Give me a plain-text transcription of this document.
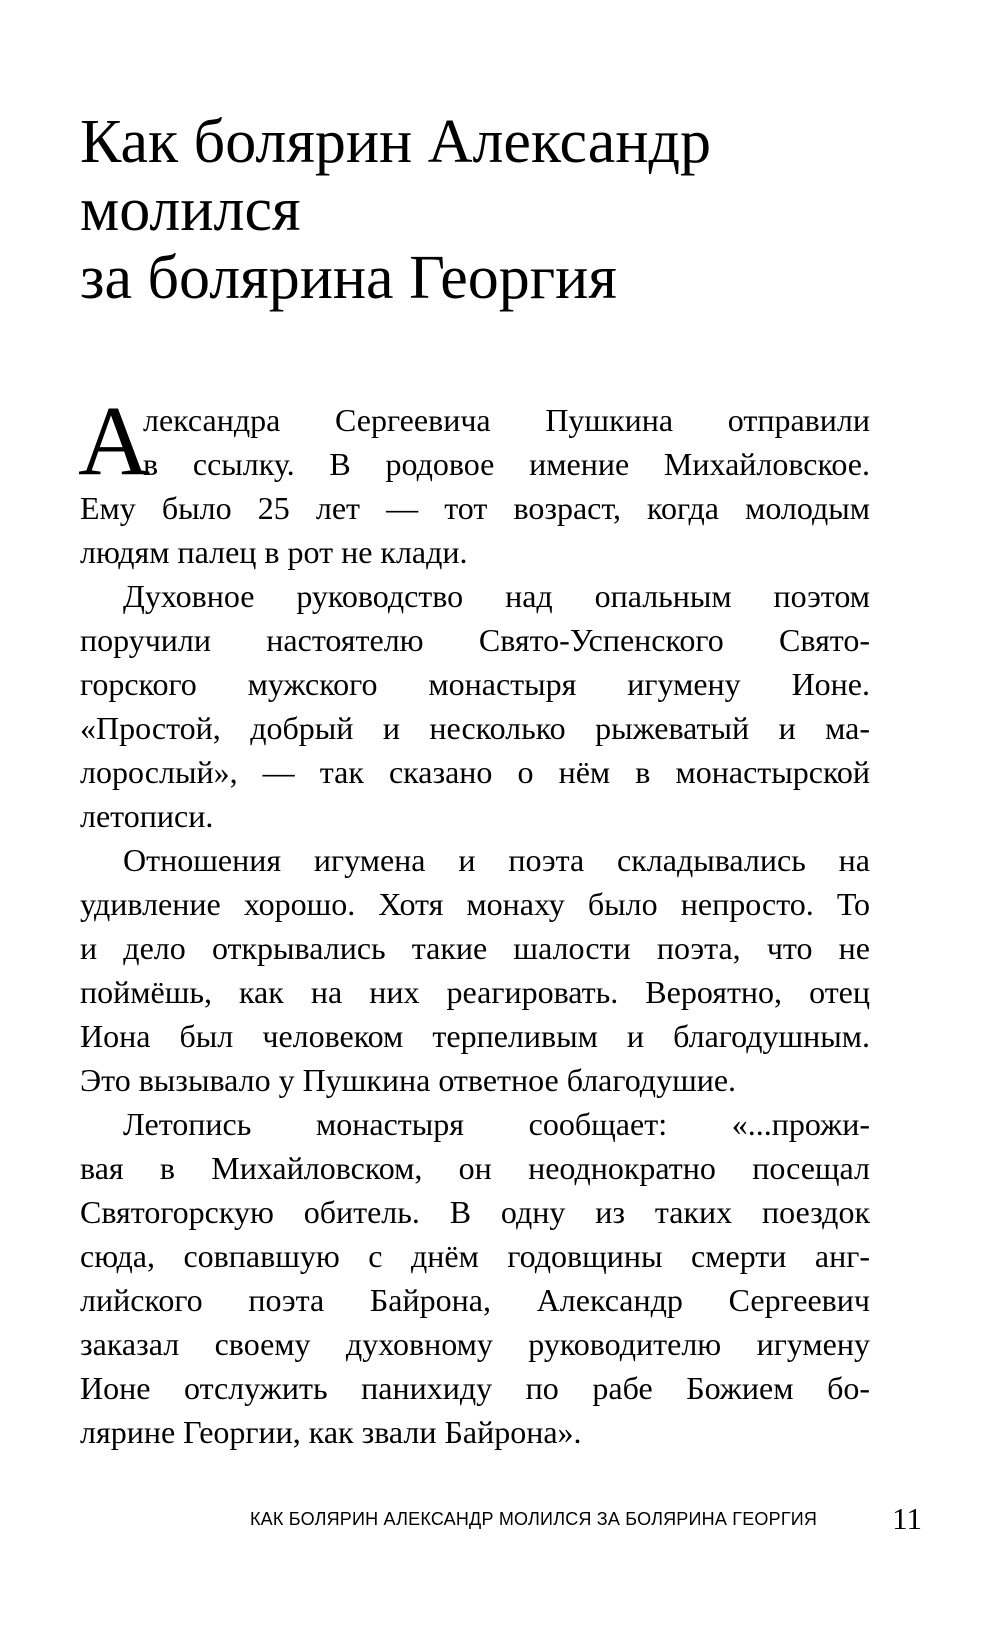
Как болярин Александр
молился
за болярина Георгия
А
лександра Сергеевича Пушкина отправили
в ссылку. В родовое имение Михайловское.
Ему было 25 лет — тот возраст, когда молодым
людям палец в рот не клади.
Духовное руководство над опальным поэтом
поручили настоятелю Свято-Успенского Свято-
горского мужского монастыря игумену Ионе.
«Простой, добрый и несколько рыжеватый и ма-
лорослый», — так сказано о нём в монастырской
летописи.
Отношения игумена и поэта складывались на
удивление хорошо. Хотя монаху было непросто. То
и дело открывались такие шалости поэта, что не
поймёшь, как на них реагировать. Вероятно, отец
Иона был человеком терпеливым и благодушным.
Это вызывало у Пушкина ответное благодушие.
Летопись монастыря сообщает: «...прожи-
вая в Михайловском, он неоднократно посещал
Святогорскую обитель. В одну из таких поездок
сюда, совпавшую с днём годовщины смерти анг-
лийского поэта Байрона, Александр Сергеевич
заказал своему духовному руководителю игумену
Ионе отслужить панихиду по рабе Божием бо-
лярине Георгии, как звали Байрона».
КАК БОЛЯРИН АЛЕКСАНДР МОЛИЛСЯ ЗА БОЛЯРИНА ГЕОРГИЯ 11
